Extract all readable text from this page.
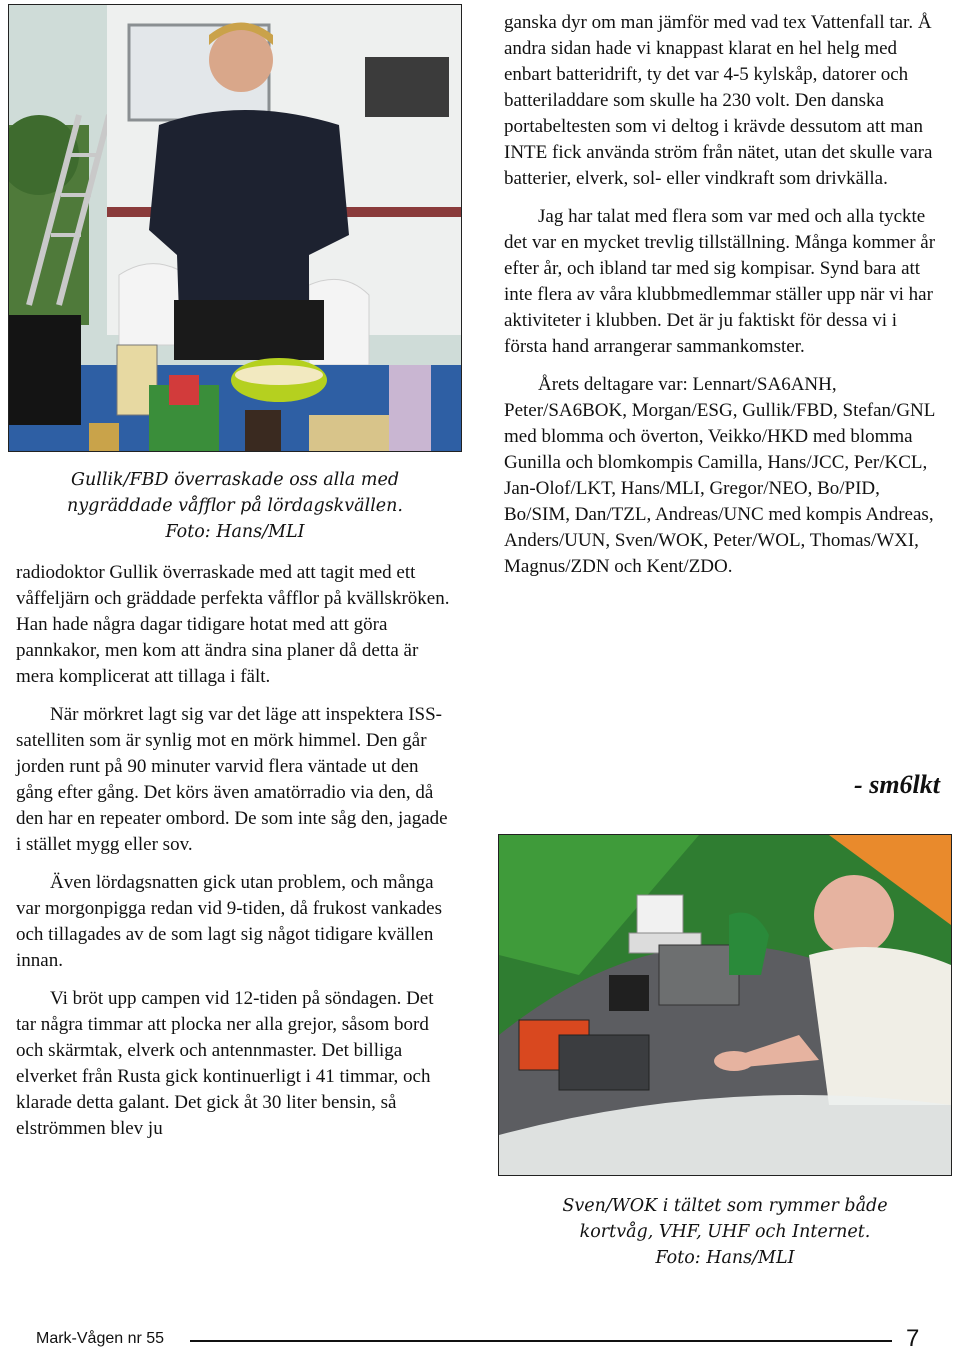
Gullik/FBD överraskade oss alla med
nygräddade våfflor på lördagskvällen.
Foto: Hans/MLI

radiodoktor Gullik överraskade med att tagit med ett våffeljärn och gräddade perfekta våfflor på kvällskröken. Han hade några dagar tidigare hotat med att göra pannkakor, men kom att ändra sina planer då detta är mera komplicerat att tillaga i fält.

När mörkret lagt sig var det läge att inspektera ISS-satelliten som är synlig mot en mörk himmel. Den går jorden runt på 90 minuter varvid flera väntade ut den gång efter gång. Det körs även amatörradio via den, då den har en repeater ombord. De som inte såg den, jagade i stället mygg eller sov.

Även lördagsnatten gick utan problem, och många var morgonpigga redan vid 9-tiden, då frukost vankades och tillagades av de som lagt sig något tidigare kvällen innan.

Vi bröt upp campen vid 12-tiden på söndagen. Det tar några timmar att plocka ner alla grejor, såsom bord och skärmtak, elverk och antennmaster. Det billiga elverket från Rusta gick kontinuerligt i 41 timmar, och klarade detta galant. Det gick åt 30 liter bensin, så elströmmen blev ju

ganska dyr om man jämför med vad tex Vattenfall tar. Å andra sidan hade vi knappast klarat en hel helg med enbart batteridrift, ty det var 4-5 kylskåp, datorer och batteriladdare som skulle ha 230 volt. Den danska portabeltesten som vi deltog i krävde dessutom att man INTE fick använda ström från nätet, utan det skulle vara batterier, elverk, sol- eller vindkraft som drivkälla.

Jag har talat med flera som var med och alla tyckte det var en mycket trevlig tillställning. Många kommer år efter år, och ibland tar med sig kompisar. Synd bara att inte flera av våra klubbmedlemmar ställer upp när vi har aktiviteter i klubben. Det är ju faktiskt för dessa vi i första hand arrangerar sammankomster.

Årets deltagare var: Lennart/SA6ANH, Peter/SA6BOK, Morgan/ESG, Gullik/FBD, Stefan/GNL med blomma och överton, Veikko/HKD med blomma Gunilla och blomkompis Camilla, Hans/JCC, Per/KCL, Jan-Olof/LKT, Hans/MLI, Gregor/NEO, Bo/PID, Bo/SIM, Dan/TZL, Andreas/UNC med kompis Andreas, Anders/UUN, Sven/WOK, Peter/WOL, Thomas/WXI, Magnus/ZDN och Kent/ZDO.

- sm6lkt
Sven/WOK i tältet som rymmer både
kortvåg, VHF, UHF och Internet.
Foto: Hans/MLI
Mark-Vågen nr 55	7
